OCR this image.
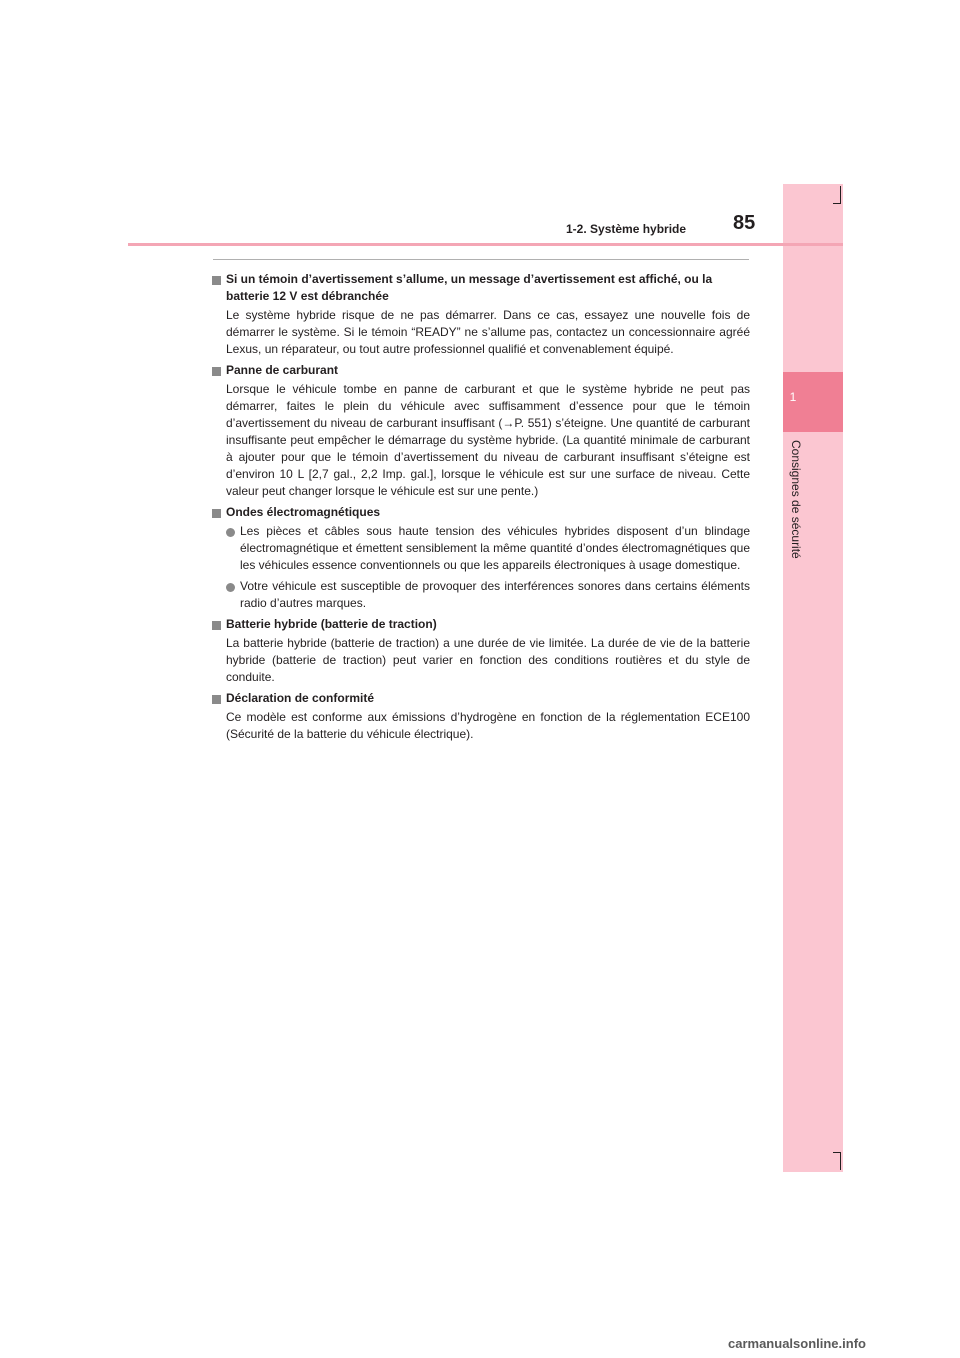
1
Consignes de sécurité
1-2. Système hybride 85
Si un témoin d’avertissement s’allume, un message d’avertissement est affiché, ou la batterie 12 V est débranchée
Le système hybride risque de ne pas démarrer. Dans ce cas, essayez une nouvelle fois de démarrer le système. Si le témoin “READY” ne s’allume pas, contactez un concessionnaire agréé Lexus, un réparateur, ou tout autre professionnel qualifié et convenablement équipé.
Panne de carburant
Lorsque le véhicule tombe en panne de carburant et que le système hybride ne peut pas démarrer, faites le plein du véhicule avec suffisamment d’essence pour que le témoin d’avertissement du niveau de carburant insuffisant (→P. 551) s’éteigne. Une quantité de carburant insuffisante peut empêcher le démarrage du système hybride. (La quantité minimale de carburant à ajouter pour que le témoin d’avertissement du niveau de carburant insuffisant s’éteigne est d’environ 10 L [2,7 gal., 2,2 Imp. gal.], lorsque le véhicule est sur une surface de niveau. Cette valeur peut changer lorsque le véhicule est sur une pente.)
Ondes électromagnétiques
Les pièces et câbles sous haute tension des véhicules hybrides disposent d’un blindage électromagnétique et émettent sensiblement la même quantité d’ondes électromagnétiques que les véhicules essence conventionnels ou que les appareils électroniques à usage domestique.
Votre véhicule est susceptible de provoquer des interférences sonores dans certains éléments radio d’autres marques.
Batterie hybride (batterie de traction)
La batterie hybride (batterie de traction) a une durée de vie limitée. La durée de vie de la batterie hybride (batterie de traction) peut varier en fonction des conditions routières et du style de conduite.
Déclaration de conformité
Ce modèle est conforme aux émissions d’hydrogène en fonction de la réglementation ECE100 (Sécurité de la batterie du véhicule électrique).
carmanualsonline.info
